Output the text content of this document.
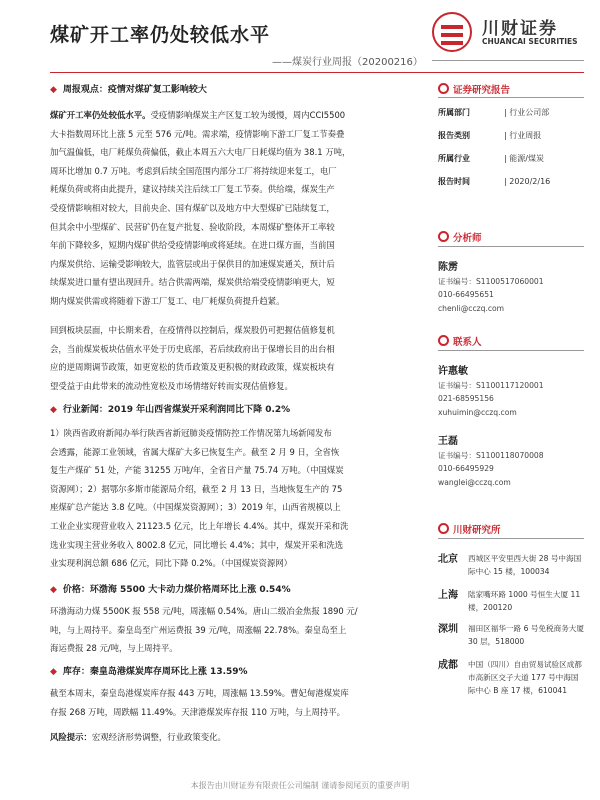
煤矿开工率仍处较低水平
——煤炭行业周报（20200216）
川财证券
CHUANCAI SECURITIES
◆ 周报观点：疫情对煤矿复工影响较大
煤矿开工率仍处较低水平。受疫情影响煤炭主产区复工较为缓慢，周内CCI5500
大卡指数周环比上涨 5 元至 576 元/吨。需求端，疫情影响下游工厂复工节奏叠
加气温偏低，电厂耗煤负荷偏低，截止本周五六大电厂日耗煤均值为 38.1 万吨，
周环比增加 0.7 万吨。考虑到后续全国范围内部分工厂将持续迎来复工，电厂
耗煤负荷或将由此提升，建议持续关注后续工厂复工节奏。供给端，煤炭生产
受疫情影响相对较大，目前央企、国有煤矿以及地方中大型煤矿已陆续复工，
但其余中小型煤矿、民营矿仍在复产批复、验收阶段，本周煤矿整体开工率较
年前下降较多，短期内煤矿供给受疫情影响或将延续。在进口煤方面，当前国
内煤炭供给、运输受影响较大，监管层或出于保供目的加速煤炭通关，预计后
续煤炭进口量有望出现回升。结合供需两端，煤炭供给端受疫情影响更大，短
期内煤炭供需或将随着下游工厂复工、电厂耗煤负荷提升趋紧。
回到板块层面，中长期来看，在疫情得以控制后，煤炭股仍可把握估值修复机
会，当前煤炭板块估值水平处于历史底部，若后续政府出于保增长目的出台相
应的逆周期调节政策，如更宽松的货币政策及更积极的财政政策，煤炭板块有
望受益于由此带来的流动性宽松及市场情绪好转而实现估值修复。
◆ 行业新闻：2019 年山西省煤炭开采利润同比下降 0.2%
1）陕西省政府新闻办举行陕西省新冠肺炎疫情防控工作情况第九场新闻发布
会透露，能源工业领域，省属大煤矿大多已恢复生产。截至 2 月 9 日，全省恢
复生产煤矿 51 处，产能 31255 万吨/年，全省日产量 75.74 万吨。（中国煤炭
资源网）；2）据鄂尔多斯市能源局介绍，截至 2 月 13 日，当地恢复生产的 75
座煤矿总产能达 3.8 亿吨。（中国煤炭资源网）；3）2019 年，山西省规模以上
工业企业实现营业收入 21123.5 亿元，比上年增长 4.4%。其中，煤炭开采和洗
选业实现主营业务收入 8002.8 亿元，同比增长 4.4%；其中，煤炭开采和洗选
业实现利润总额 686 亿元，同比下降 0.2%。（中国煤炭资源网）
◆ 价格：环渤海 5500 大卡动力煤价格周环比上涨 0.54%
环渤海动力煤 5500K 报 558 元/吨，周涨幅 0.54%。唐山二级冶金焦报 1890 元/
吨，与上周持平。秦皇岛至广州运费报 39 元/吨，周涨幅 22.78%。秦皇岛至上
海运费报 28 元/吨，与上周持平。
◆ 库存：秦皇岛港煤炭库存周环比上涨 13.59%
截至本周末，秦皇岛港煤炭库存报 443 万吨，周涨幅 13.59%。曹妃甸港煤炭库
存报 268 万吨，周跌幅 11.49%。天津港煤炭库存报 110 万吨，与上周持平。
风险提示：宏观经济形势调整，行业政策变化。
证券研究报告
所属部门	| 行业公司部
报告类别	| 行业周报
所属行业	| 能源/煤炭
报告时间	| 2020/2/16
分析师
陈雳
证书编号：S1100517060001
010-66495651
chenli@cczq.com
联系人
许惠敏
证书编号：S1100117120001
021-68595156
xuhuimin@cczq.com
王磊
证书编号：S1100118070008
010-66495929
wanglei@cczq.com
川财研究所
北京 西城区平安里西大街 28 号中海国际中心 15 楼，100034
上海 陆家嘴环路 1000 号恒生大厦 11 楼，200120
深圳 福田区福华一路 6 号免税商务大厦 30 层，518000
成都 中国（四川）自由贸易试验区成都市高新区交子大道 177 号中海国际中心 B 座 17 楼，610041
本报告由川财证券有限责任公司编制 谨请参阅尾页的重要声明
